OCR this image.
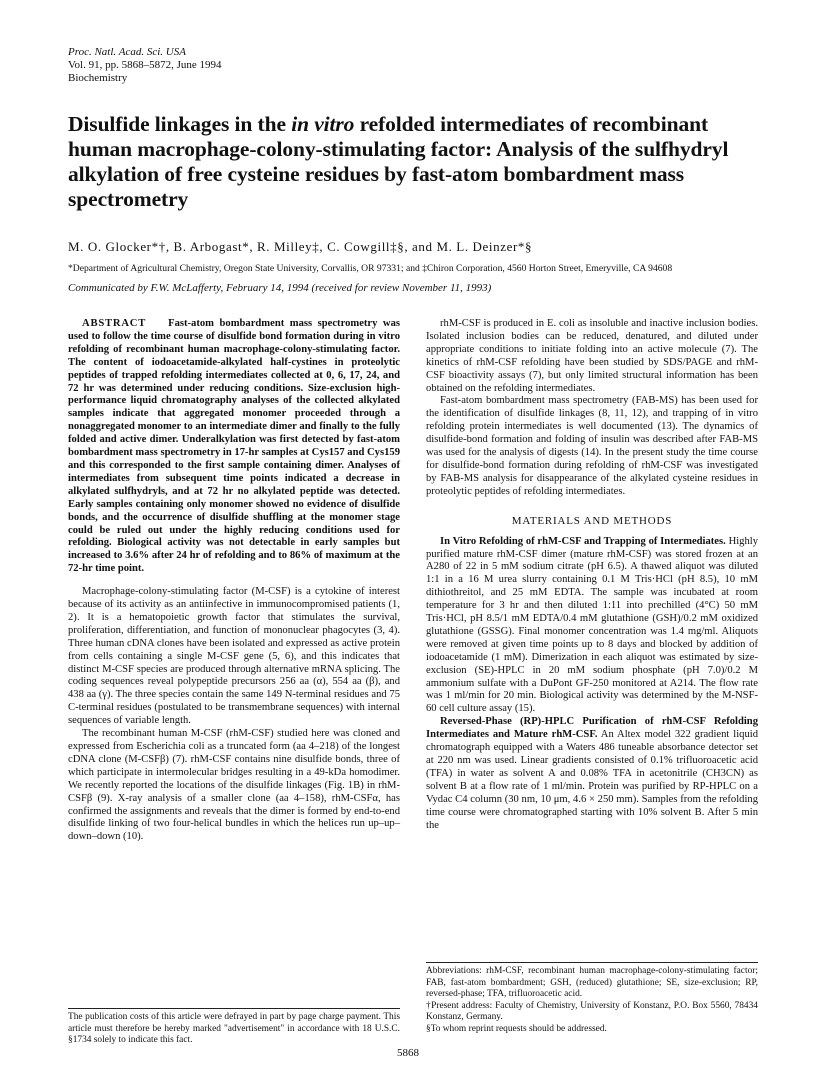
Proc. Natl. Acad. Sci. USA
Vol. 91, pp. 5868–5872, June 1994
Biochemistry
Disulfide linkages in the in vitro refolded intermediates of recombinant human macrophage-colony-stimulating factor: Analysis of the sulfhydryl alkylation of free cysteine residues by fast-atom bombardment mass spectrometry
M. O. Glocker*†, B. Arbogast*, R. Milley‡, C. Cowgill‡§, and M. L. Deinzer*§
*Department of Agricultural Chemistry, Oregon State University, Corvallis, OR 97331; and ‡Chiron Corporation, 4560 Horton Street, Emeryville, CA 94608
Communicated by F.W. McLafferty, February 14, 1994 (received for review November 11, 1993)

ABSTRACT Fast-atom bombardment mass spectrometry was used to follow the time course of disulfide bond formation during in vitro refolding of recombinant human macrophage-colony-stimulating factor. The content of iodoacetamide-alkylated half-cystines in proteolytic peptides of trapped refolding intermediates collected at 0, 6, 17, 24, and 72 hr was determined under reducing conditions. Size-exclusion high-performance liquid chromatography analyses of the collected alkylated samples indicate that aggregated monomer proceeded through a nonaggregated monomer to an intermediate dimer and finally to the fully folded and active dimer. Underalkylation was first detected by fast-atom bombardment mass spectrometry in 17-hr samples at Cys157 and Cys159 and this corresponded to the first sample containing dimer. Analyses of intermediates from subsequent time points indicated a decrease in alkylated sulfhydryls, and at 72 hr no alkylated peptide was detected. Early samples containing only monomer showed no evidence of disulfide bonds, and the occurrence of disulfide shuffling at the monomer stage could be ruled out under the highly reducing conditions used for refolding. Biological activity was not detectable in early samples but increased to 3.6% after 24 hr of refolding and to 86% of maximum at the 72-hr time point.

Macrophage-colony-stimulating factor (M-CSF) is a cytokine of interest because of its activity as an antiinfective in immunocompromised patients (1, 2). It is a hematopoietic growth factor that stimulates the survival, proliferation, differentiation, and function of mononuclear phagocytes (3, 4). Three human cDNA clones have been isolated and expressed as active protein from cells containing a single M-CSF gene (5, 6), and this indicates that distinct M-CSF species are produced through alternative mRNA splicing. The coding sequences reveal polypeptide precursors 256 aa (α), 554 aa (β), and 438 aa (γ). The three species contain the same 149 N-terminal residues and 75 C-terminal residues (postulated to be transmembrane sequences) with internal sequences of variable length.

The recombinant human M-CSF (rhM-CSF) studied here was cloned and expressed from Escherichia coli as a truncated form (aa 4–218) of the longest cDNA clone (M-CSFβ) (7). rhM-CSF contains nine disulfide bonds, three of which participate in intermolecular bridges resulting in a 49-kDa homodimer. We recently reported the locations of the disulfide linkages (Fig. 1B) in rhM-CSFβ (9). X-ray analysis of a smaller clone (aa 4–158), rhM-CSFα, has confirmed the assignments and reveals that the dimer is formed by end-to-end disulfide linking of two four-helical bundles in which the helices run up–up–down–down (10).

The publication costs of this article were defrayed in part by page charge payment. This article must therefore be hereby marked "advertisement" in accordance with 18 U.S.C. §1734 solely to indicate this fact.

rhM-CSF is produced in E. coli as insoluble and inactive inclusion bodies. Isolated inclusion bodies can be reduced, denatured, and diluted under appropriate conditions to initiate folding into an active molecule (7). The kinetics of rhM-CSF refolding have been studied by SDS/PAGE and rhM-CSF bioactivity assays (7), but only limited structural information has been obtained on the refolding intermediates.

Fast-atom bombardment mass spectrometry (FAB-MS) has been used for the identification of disulfide linkages (8, 11, 12), and trapping of in vitro refolding protein intermediates is well documented (13). The dynamics of disulfide-bond formation and folding of insulin was described after FAB-MS was used for the analysis of digests (14). In the present study the time course for disulfide-bond formation during refolding of rhM-CSF was investigated by FAB-MS analysis for disappearance of the alkylated cysteine residues in proteolytic peptides of refolding intermediates.

MATERIALS AND METHODS

In Vitro Refolding of rhM-CSF and Trapping of Intermediates. Highly purified mature rhM-CSF dimer (mature rhM-CSF) was stored frozen at an A280 of 22 in 5 mM sodium citrate (pH 6.5). A thawed aliquot was diluted 1:1 in a 16 M urea slurry containing 0.1 M Tris·HCl (pH 8.5), 10 mM dithiothreitol, and 25 mM EDTA. The sample was incubated at room temperature for 3 hr and then diluted 1:11 into prechilled (4°C) 50 mM Tris·HCl, pH 8.5/1 mM EDTA/0.4 mM glutathione (GSH)/0.2 mM oxidized glutathione (GSSG). Final monomer concentration was 1.4 mg/ml. Aliquots were removed at given time points up to 8 days and blocked by addition of iodoacetamide (1 mM). Dimerization in each aliquot was estimated by size-exclusion (SE)-HPLC in 20 mM sodium phosphate (pH 7.0)/0.2 M ammonium sulfate with a DuPont GF-250 monitored at A214. The flow rate was 1 ml/min for 20 min. Biological activity was determined by the M-NSF-60 cell culture assay (15).

Reversed-Phase (RP)-HPLC Purification of rhM-CSF Refolding Intermediates and Mature rhM-CSF. An Altex model 322 gradient liquid chromatograph equipped with a Waters 486 tuneable absorbance detector set at 220 nm was used. Linear gradients consisted of 0.1% trifluoroacetic acid (TFA) in water as solvent A and 0.08% TFA in acetonitrile (CH3CN) as solvent B at a flow rate of 1 ml/min. Protein was purified by RP-HPLC on a Vydac C4 column (30 nm, 10 μm, 4.6 × 250 mm). Samples from the refolding time course were chromatographed starting with 10% solvent B. After 5 min the

Abbreviations: rhM-CSF, recombinant human macrophage-colony-stimulating factor; FAB, fast-atom bombardment; GSH, (reduced) glutathione; SE, size-exclusion; RP, reversed-phase; TFA, trifluoroacetic acid.

†Present address: Faculty of Chemistry, University of Konstanz, P.O. Box 5560, 78434 Konstanz, Germany.

§To whom reprint requests should be addressed.

5868
